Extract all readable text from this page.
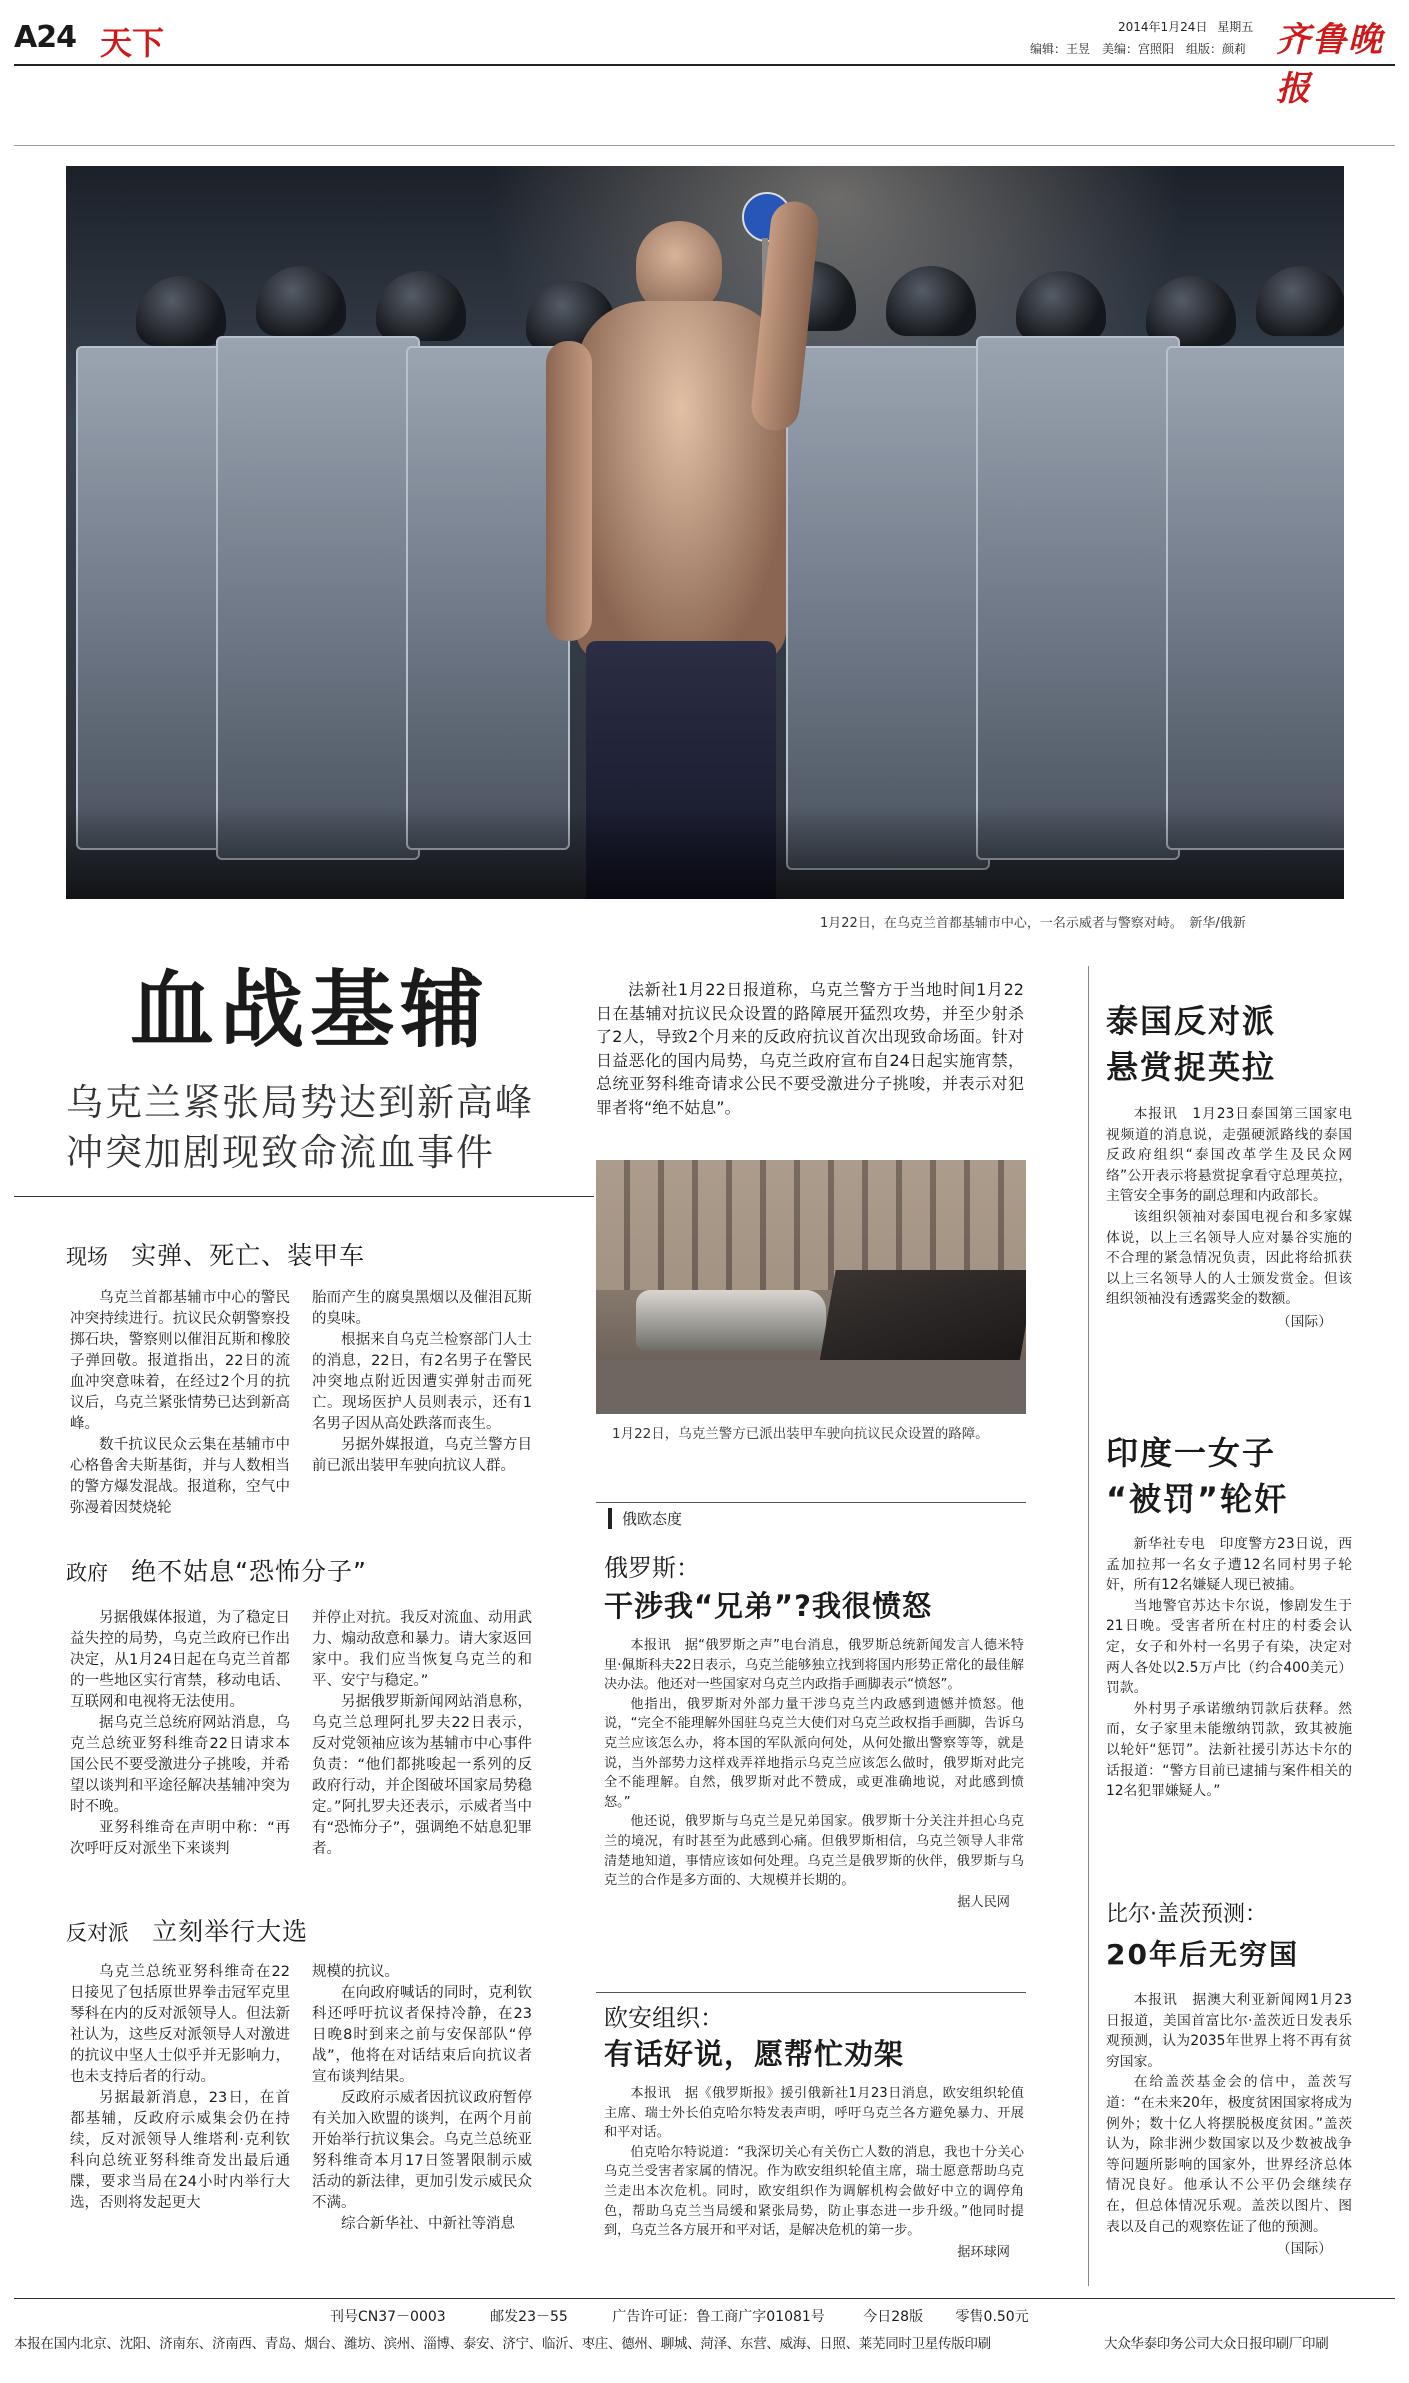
A24 天下	2014年1月24日 星期五 齐鲁晚报
编辑：王昱　美编：宫照阳　组版：颜莉
1月22日，在乌克兰首都基辅市中心，一名示威者与警察对峙。　新华/俄新
血战基辅
乌克兰紧张局势达到新高峰
冲突加剧现致命流血事件

法新社1月22日报道称，乌克兰警方于当地时间1月22日在基辅对抗议民众设置的路障展开猛烈攻势，并至少射杀了2人，导致2个月来的反政府抗议首次出现致命场面。针对日益恶化的国内局势，乌克兰政府宣布自24日起实施宵禁，总统亚努科维奇请求公民不要受激进分子挑唆，并表示对犯罪者将“绝不姑息”。

1月22日，乌克兰警方已派出装甲车驶向抗议民众设置的路障。
现场 实弹、死亡、装甲车

乌克兰首都基辅市中心的警民冲突持续进行。抗议民众朝警察投掷石块，警察则以催泪瓦斯和橡胶子弹回敬。报道指出，22日的流血冲突意味着，在经过2个月的抗议后，乌克兰紧张情势已达到新高峰。

数千抗议民众云集在基辅市中心格鲁舍夫斯基街，并与人数相当的警方爆发混战。报道称，空气中弥漫着因焚烧轮

胎而产生的腐臭黑烟以及催泪瓦斯的臭味。

根据来自乌克兰检察部门人士的消息，22日，有2名男子在警民冲突地点附近因遭实弹射击而死亡。现场医护人员则表示，还有1名男子因从高处跌落而丧生。

另据外媒报道，乌克兰警方目前已派出装甲车驶向抗议人群。

政府 绝不姑息“恐怖分子”

另据俄媒体报道，为了稳定日益失控的局势，乌克兰政府已作出决定，从1月24日起在乌克兰首都的一些地区实行宵禁，移动电话、互联网和电视将无法使用。

据乌克兰总统府网站消息，乌克兰总统亚努科维奇22日请求本国公民不要受激进分子挑唆，并希望以谈判和平途径解决基辅冲突为时不晚。

亚努科维奇在声明中称：“再次呼吁反对派坐下来谈判

并停止对抗。我反对流血、动用武力、煽动敌意和暴力。请大家返回家中。我们应当恢复乌克兰的和平、安宁与稳定。”

另据俄罗斯新闻网站消息称，乌克兰总理阿扎罗夫22日表示，反对党领袖应该为基辅市中心事件负责：“他们都挑唆起一系列的反政府行动，并企图破坏国家局势稳定。”阿扎罗夫还表示，示威者当中有“恐怖分子”，强调绝不姑息犯罪者。

反对派 立刻举行大选

乌克兰总统亚努科维奇在22日接见了包括原世界拳击冠军克里琴科在内的反对派领导人。但法新社认为，这些反对派领导人对激进的抗议中坚人士似乎并无影响力，也未支持后者的行动。

另据最新消息，23日，在首都基辅，反政府示威集会仍在持续，反对派领导人维塔利·克利钦科向总统亚努科维奇发出最后通牒，要求当局在24小时内举行大选，否则将发起更大

规模的抗议。

在向政府喊话的同时，克利钦科还呼吁抗议者保持冷静，在23日晚8时到来之前与安保部队“停战”，他将在对话结束后向抗议者宣布谈判结果。

反政府示威者因抗议政府暂停有关加入欧盟的谈判，在两个月前开始举行抗议集会。乌克兰总统亚努科维奇本月17日签署限制示威活动的新法律，更加引发示威民众不满。

综合新华社、中新社等消息

俄欧态度
俄罗斯：
干涉我“兄弟”?我很愤怒

本报讯　据“俄罗斯之声”电台消息，俄罗斯总统新闻发言人德米特里·佩斯科夫22日表示，乌克兰能够独立找到将国内形势正常化的最佳解决办法。他还对一些国家对乌克兰内政指手画脚表示“愤怒”。

他指出，俄罗斯对外部力量干涉乌克兰内政感到遗憾并愤怒。他说，“完全不能理解外国驻乌克兰大使们对乌克兰政权指手画脚，告诉乌克兰应该怎么办，将本国的军队派向何处，从何处撤出警察等等，就是说，当外部势力这样戏弄祥地指示乌克兰应该怎么做时，俄罗斯对此完全不能理解。自然，俄罗斯对此不赞成，或更准确地说，对此感到愤怒。”

他还说，俄罗斯与乌克兰是兄弟国家。俄罗斯十分关注并担心乌克兰的境况，有时甚至为此感到心痛。但俄罗斯相信，乌克兰领导人非常清楚地知道，事情应该如何处理。乌克兰是俄罗斯的伙伴，俄罗斯与乌克兰的合作是多方面的、大规模并长期的。

据人民网

欧安组织：
有话好说，愿帮忙劝架

本报讯　据《俄罗斯报》援引俄新社1月23日消息，欧安组织轮值主席、瑞士外长伯克哈尔特发表声明，呼吁乌克兰各方避免暴力、开展和平对话。

伯克哈尔特说道：“我深切关心有关伤亡人数的消息，我也十分关心乌克兰受害者家属的情况。作为欧安组织轮值主席，瑞士愿意帮助乌克兰走出本次危机。同时，欧安组织作为调解机构会做好中立的调停角色，帮助乌克兰当局缓和紧张局势，防止事态进一步升级。”他同时提到，乌克兰各方展开和平对话，是解决危机的第一步。

据环球网

泰国反对派
悬赏捉英拉

本报讯　1月23日泰国第三国家电视频道的消息说，走强硬派路线的泰国反政府组织“泰国改革学生及民众网络”公开表示将悬赏捉拿看守总理英拉，主管安全事务的副总理和内政部长。

该组织领袖对泰国电视台和多家媒体说，以上三名领导人应对暴谷实施的不合理的紧急情况负责，因此将给抓获以上三名领导人的人士颁发赏金。但该组织领袖没有透露奖金的数额。

（国际）

印度一女子
“被罚”轮奸

新华社专电　印度警方23日说，西孟加拉邦一名女子遭12名同村男子轮奸，所有12名嫌疑人现已被捕。

当地警官苏达卡尔说，惨剧发生于21日晚。受害者所在村庄的村委会认定，女子和外村一名男子有染，决定对两人各处以2.5万卢比（约合400美元）罚款。

外村男子承诺缴纳罚款后获释。然而，女子家里未能缴纳罚款，致其被施以轮奸“惩罚”。法新社援引苏达卡尔的话报道：“警方目前已逮捕与案件相关的12名犯罪嫌疑人。”

比尔·盖茨预测：
20年后无穷国

本报讯　据澳大利亚新闻网1月23日报道，美国首富比尔·盖茨近日发表乐观预测，认为2035年世界上将不再有贫穷国家。

在给盖茨基金会的信中，盖茨写道：“在未来20年，极度贫困国家将成为例外；数十亿人将摆脱极度贫困。”盖茨认为，除非洲少数国家以及少数被战争等问题所影响的国家外，世界经济总体情况良好。他承认不公平仍会继续存在，但总体情况乐观。盖茨以图片、图表以及自己的观察佐证了他的预测。

（国际）

刊号CN37－0003	邮发23－55	广告许可证：鲁工商广字01081号	今日28版 零售0.50元
本报在国内北京、沈阳、济南东、济南西、青岛、烟台、潍坊、滨州、淄博、泰安、济宁、临沂、枣庄、德州、聊城、菏泽、东营、威海、日照、莱芜同时卫星传版印刷	大众华泰印务公司大众日报印刷厂印刷
